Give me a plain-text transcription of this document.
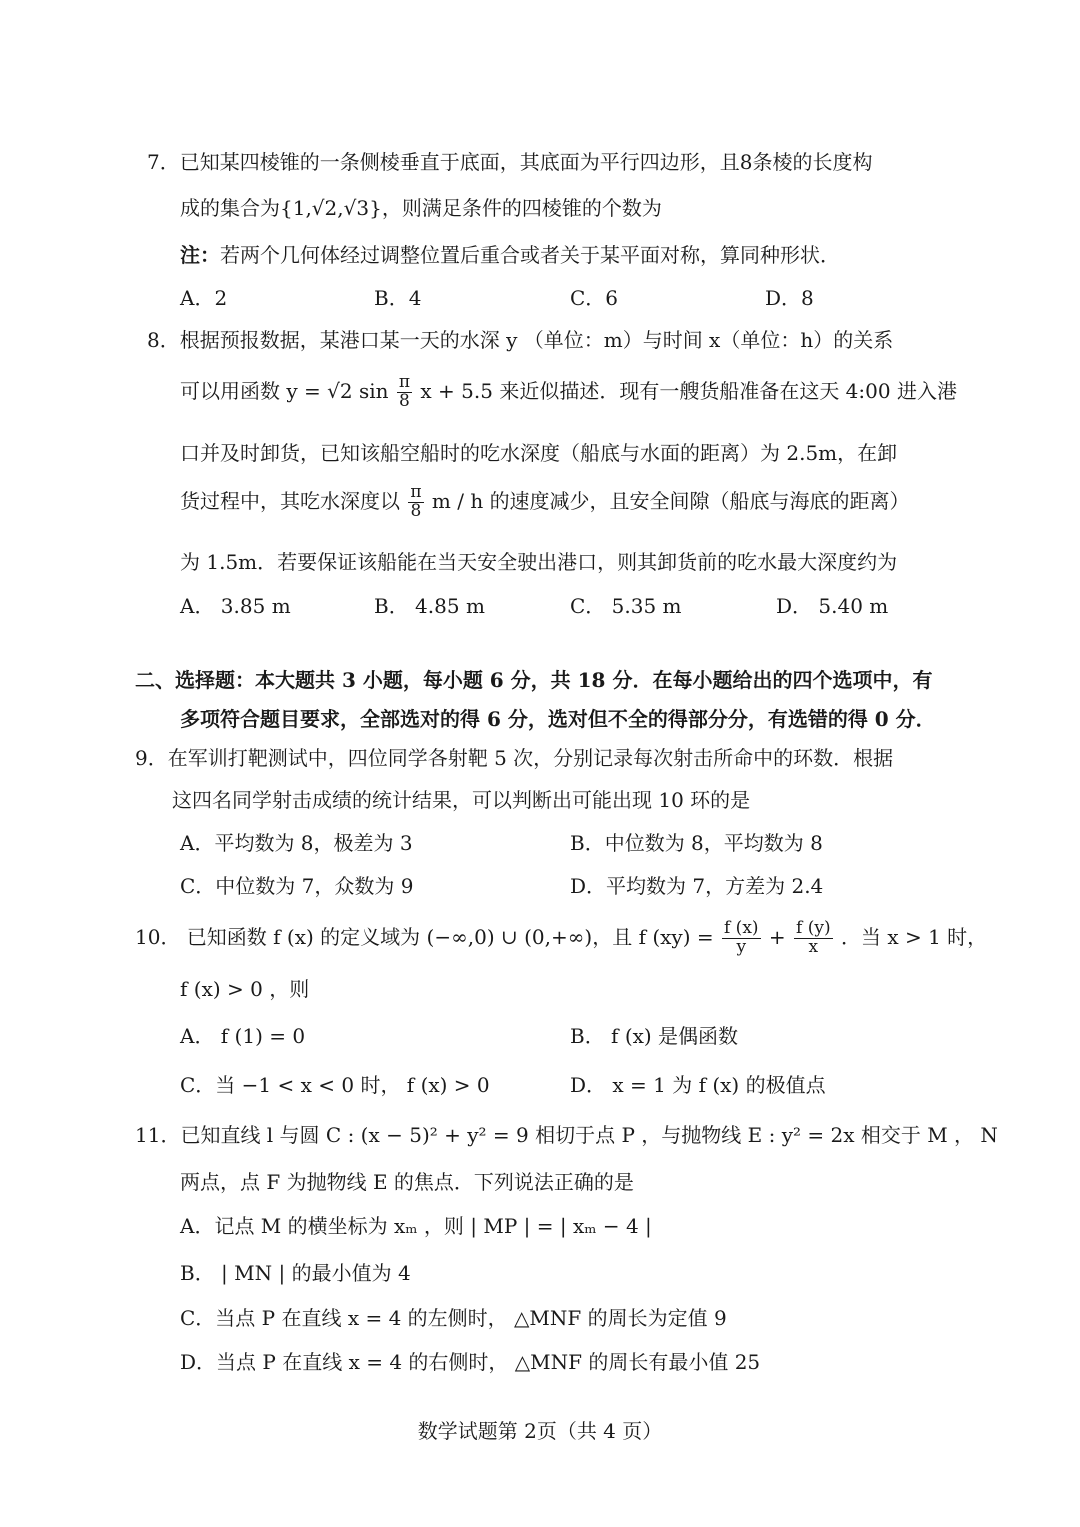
7．已知某四棱锥的一条侧棱垂直于底面，其底面为平行四边形，且8条棱的长度构
成的集合为{1,√2,√3}，则满足条件的四棱锥的个数为
注：若两个几何体经过调整位置后重合或者关于某平面对称，算同种形状．
A．2	B．4	C．6	D．8
8．根据预报数据，某港口某一天的水深 y （单位：m）与时间 x（单位：h）的关系
可以用函数 y = √2 $\sin \frac{\pi}{8}$ x + 5.5 来近似描述．现有一艘货船准备在这天 4:00 进入港
口并及时卸货，已知该船空船时的吃水深度（船底与水面的距离）为 2.5m，在卸
货过程中，其吃水深度以 $\frac{\pi}{8}$ m / h 的速度减少，且安全间隙（船底与海底的距离）
为 1.5m．若要保证该船能在当天安全驶出港口，则其卸货前的吃水最大深度约为
A． 3.85 m	B． 4.85 m	C． 5.35 m	D． 5.40 m
二、选择题：本大题共 3 小题，每小题 6 分，共 18 分．在每小题给出的四个选项中，有
多项符合题目要求，全部选对的得 6 分，选对但不全的得部分分，有选错的得 0 分．
9．在军训打靶测试中，四位同学各射靶 5 次，分别记录每次射击所命中的环数．根据
这四名同学射击成绩的统计结果，可以判断出可能出现 10 环的是
A．平均数为 8，极差为 3	B．中位数为 8，平均数为 8
C．中位数为 7，众数为 9	D．平均数为 7，方差为 2.4
10． 已知函数 f (x) 的定义域为 (−∞,0) ∪ (0,+∞)，且 f $(xy) = \frac{f (x)}{y} + \frac{f (y)}{x}$ ．当 x > 1 时，
f (x) > 0 ，则
A． f (1) = 0	B． f (x) 是偶函数
C．当 −1 < x < 0 时， f (x) > 0	D． x = 1 为 f (x) 的极值点
11．已知直线 l 与圆 C : (x − 5)² + y² = 9 相切于点 P ，与抛物线 E : y² = 2x 相交于 M ， N
两点，点 F 为抛物线 E 的焦点．下列说法正确的是
A．记点 M 的横坐标为 xₘ ，则 | MP | = | xₘ − 4 |
B． | MN | 的最小值为 4
C．当点 P 在直线 x = 4 的左侧时， △MNF 的周长为定值 9
D．当点 P 在直线 x = 4 的右侧时， △MNF 的周长有最小值 25
数学试题第 2页（共 4 页）
